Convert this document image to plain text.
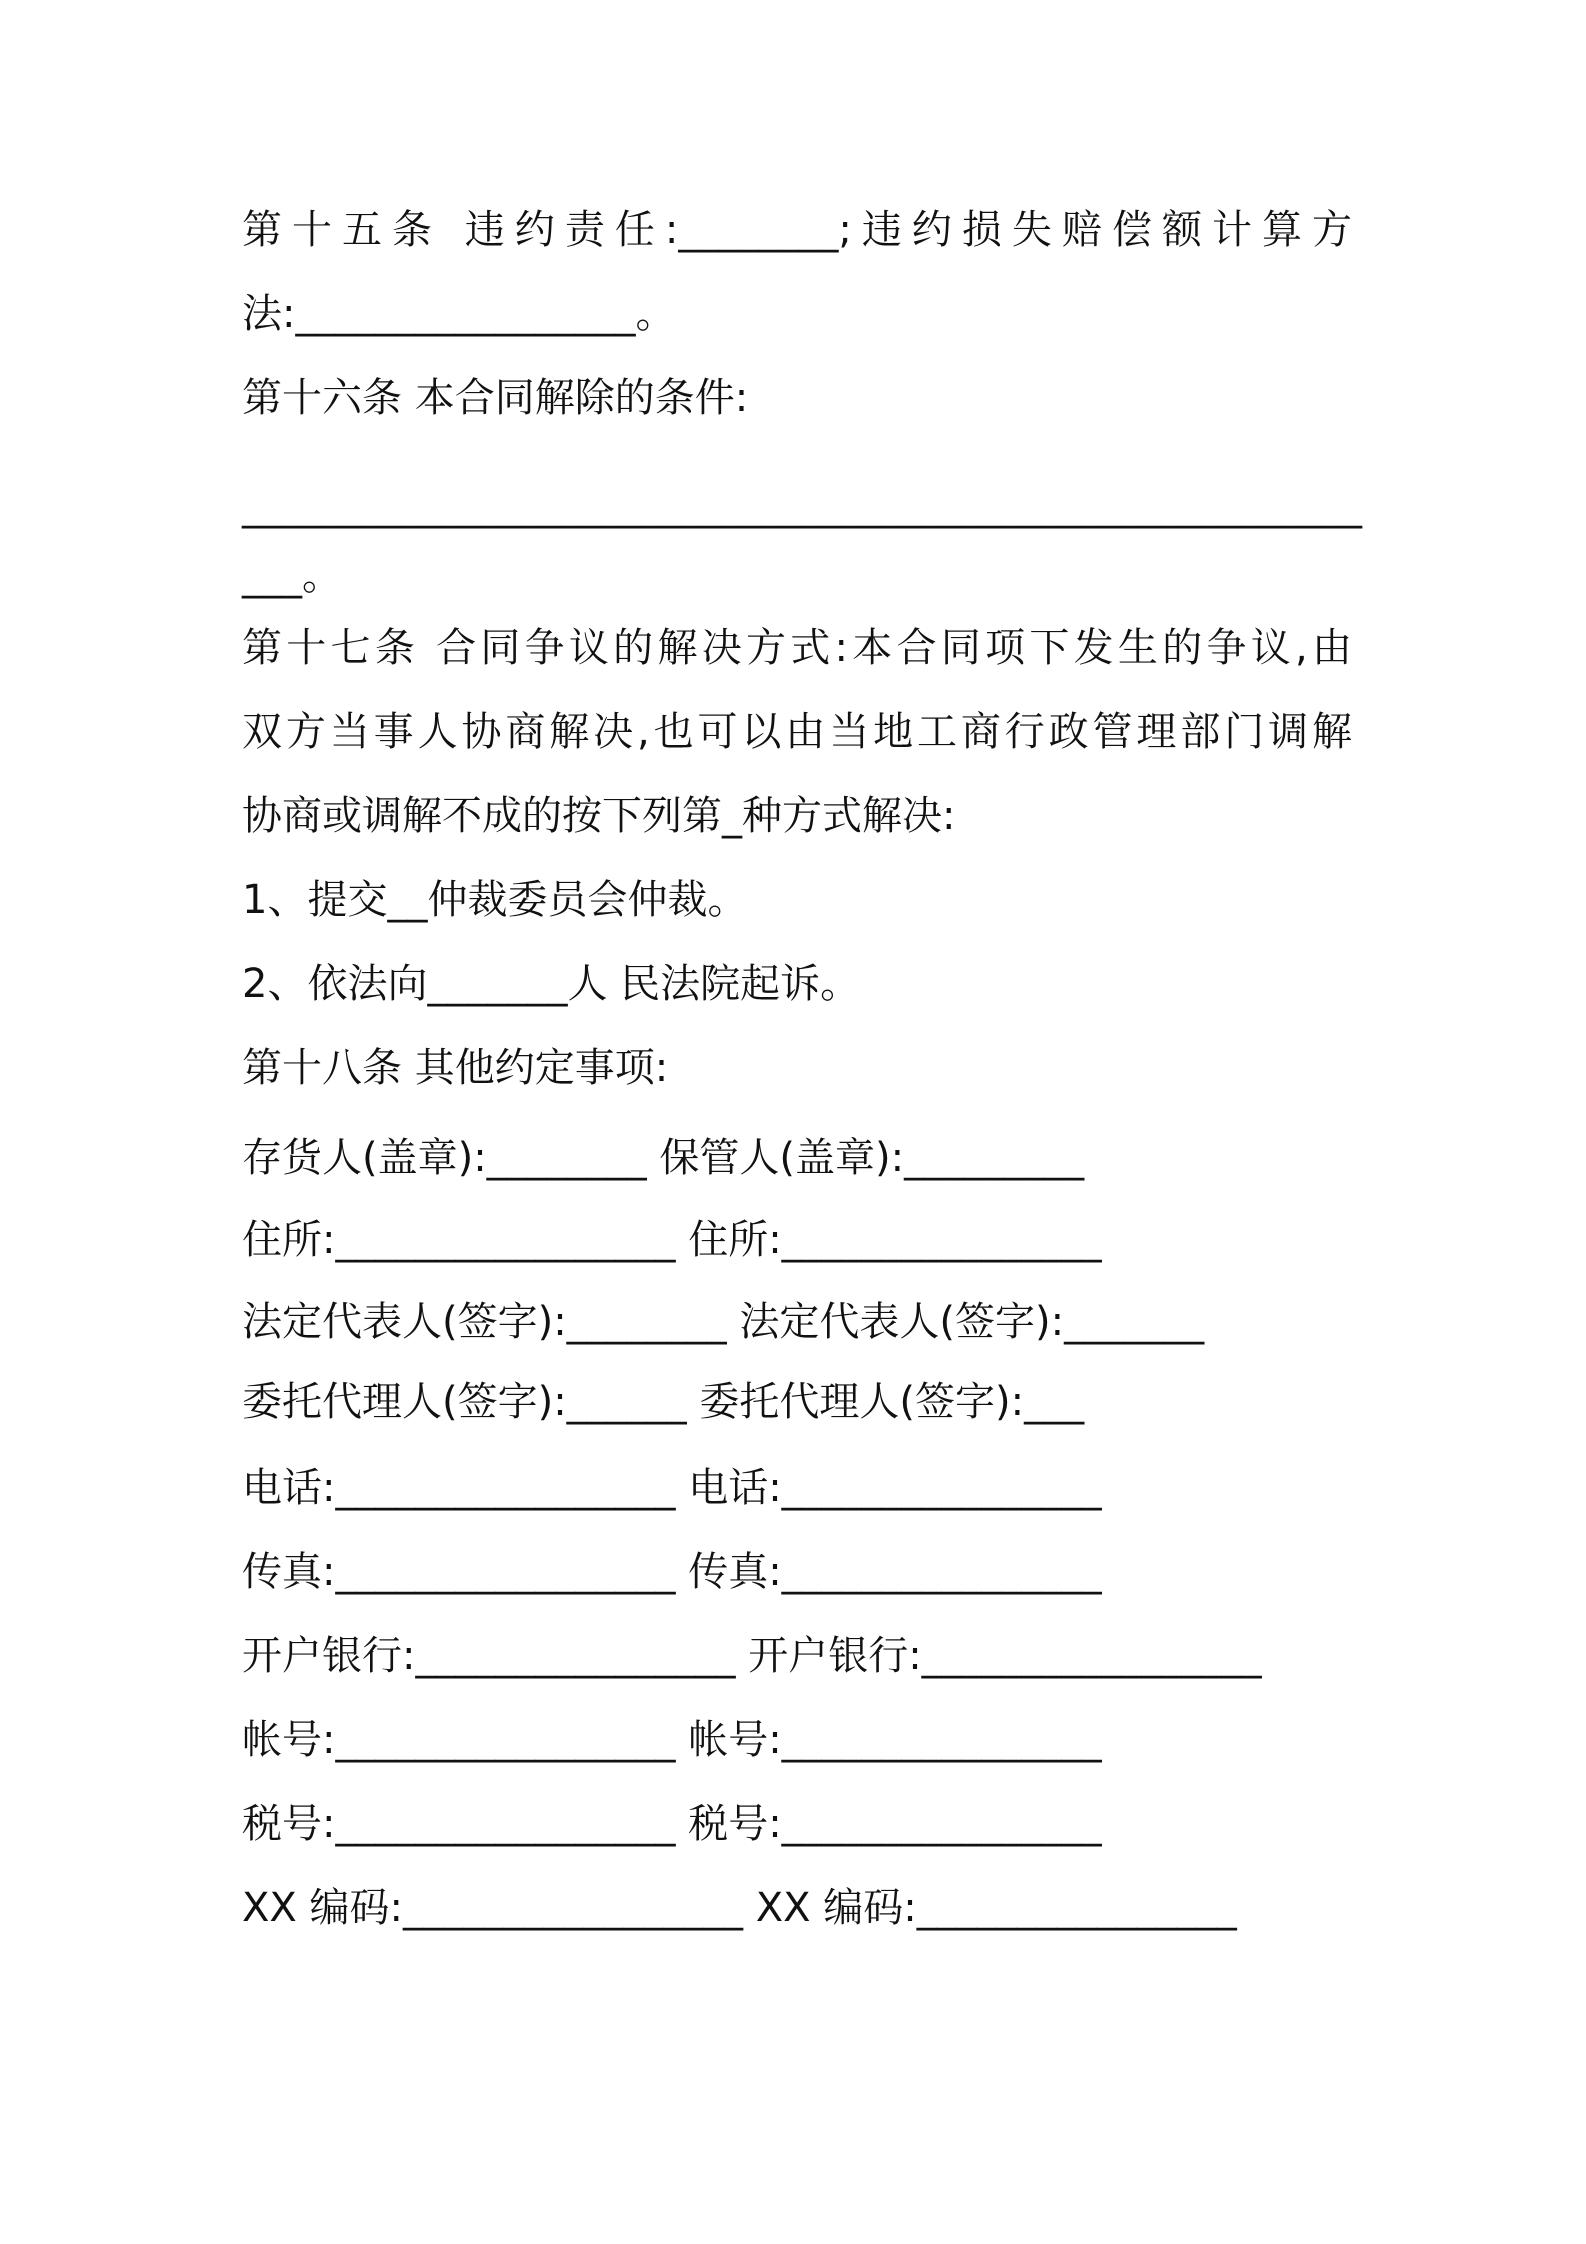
第十五条 违约责任:________;违约损失赔偿额计算方
法:_________________。
第十六条 本合同解除的条件:
________________________________________________________
___。
第十七条 合同争议的解决方式:本合同项下发生的争议,由
双方当事人协商解决,也可以由当地工商行政管理部门调解
协商或调解不成的按下列第_种方式解决:
1、提交__仲裁委员会仲裁。
2、依法向_______人 民法院起诉。
第十八条 其他约定事项:
存货人(盖章):________ 保管人(盖章):_________
住所:_________________ 住所:________________
法定代表人(签字):________ 法定代表人(签字):_______
委托代理人(签字):______ 委托代理人(签字):___
电话:_________________ 电话:________________
传真:_________________ 传真:________________
开户银行:________________ 开户银行:_________________
帐号:_________________ 帐号:________________
税号:_________________ 税号:________________
XX 编码:_________________ XX 编码:________________
